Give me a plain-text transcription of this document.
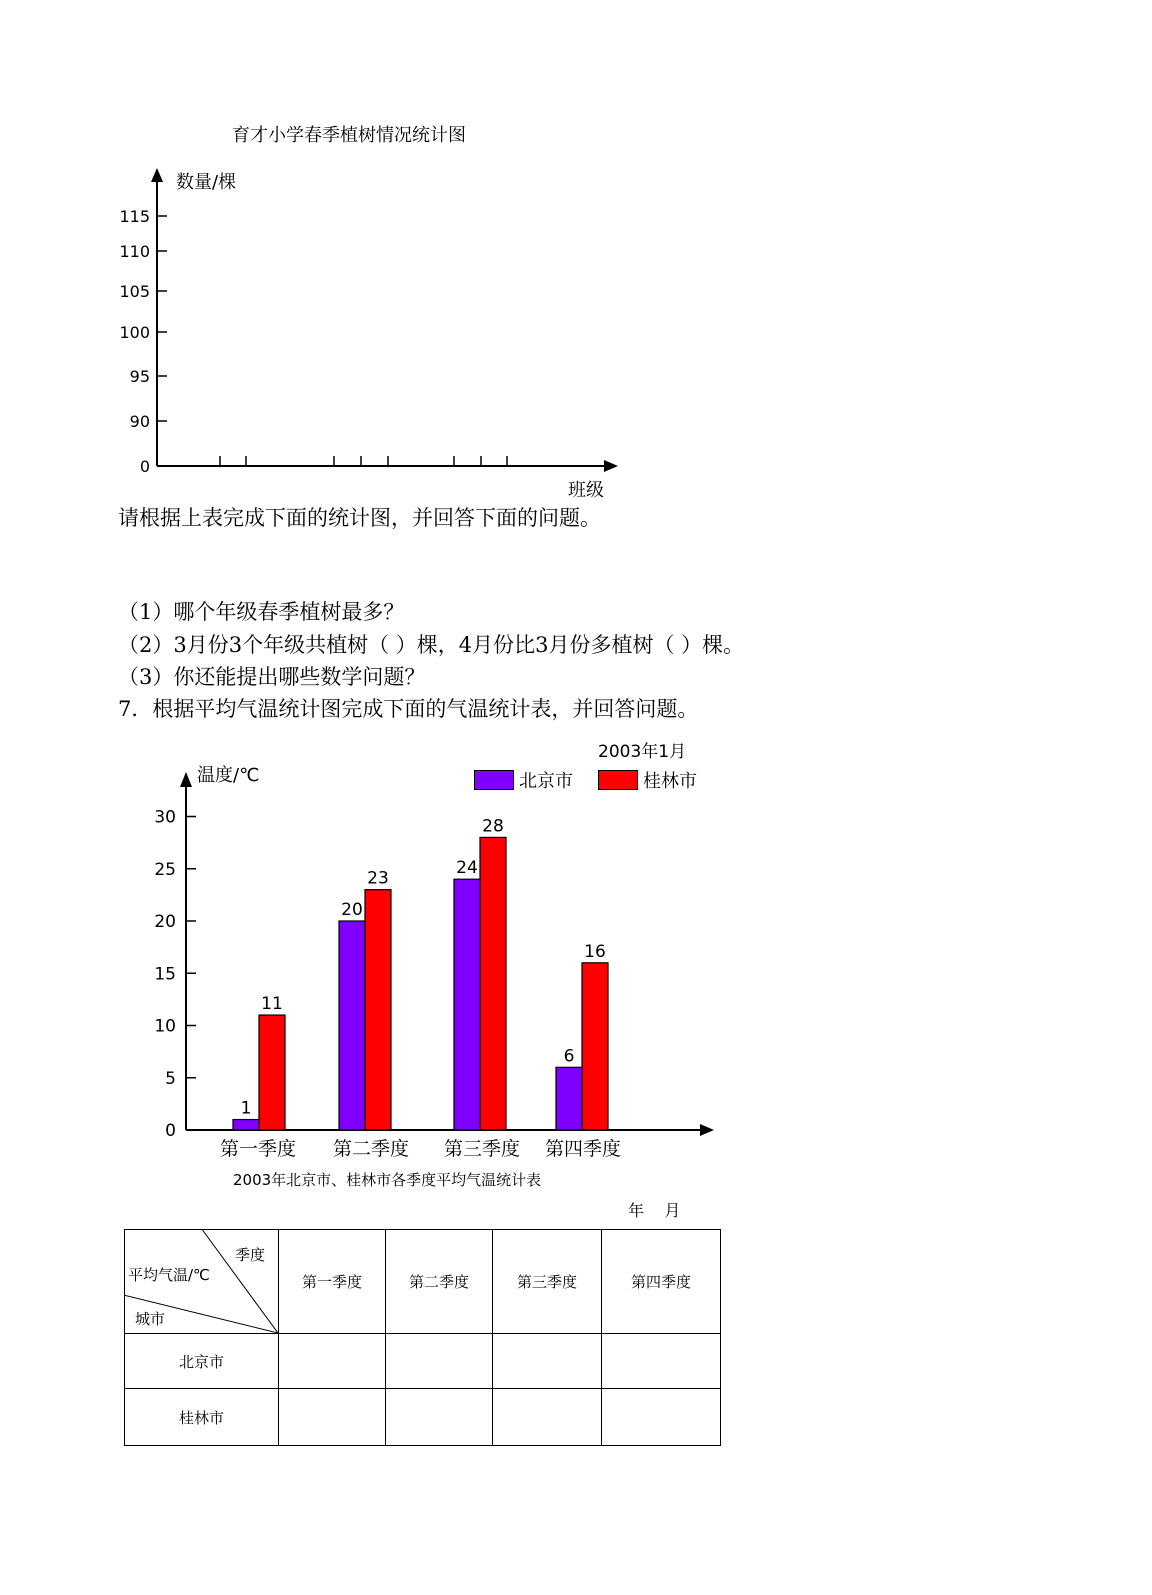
育才小学春季植树情况统计图
数量/棵
班级
0
90
95
100
105
110
115
请根据上表完成下面的统计图，并回答下面的问题。
（1）哪个年级春季植树最多？
（2）3月份3个年级共植树（ ）棵，4月份比3月份多植树（ ）棵。
（3）你还能提出哪些数学问题？
7．根据平均气温统计图完成下面的气温统计表，并回答问题。
2003年1月
温度/℃	北京市	桂林市
0
5
10
15
20
25
30
1
11
20
23
24
28
6
16
第一季度 第二季度 第三季度 第四季度
2003年北京市、桂林市各季度平均气温统计表
年    月
季度
平均气温/℃
城市	第一季度	第二季度	第三季度	第四季度
北京市				
桂林市				
